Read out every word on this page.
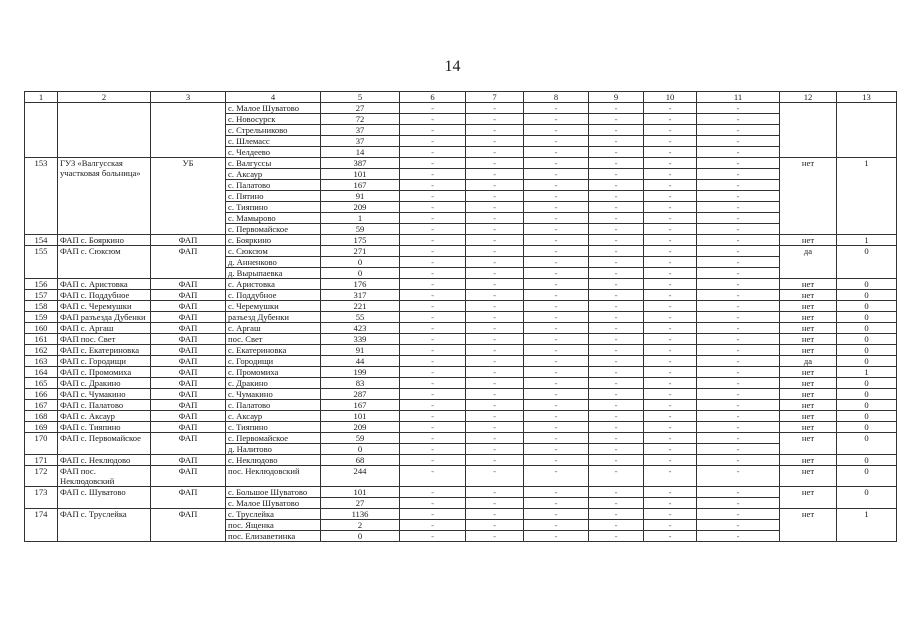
14
1	2	3	4	5	6	7	8	9	10	11	12	13
			с. Малое Шуватово	27	-	-	-	-	-	-		
			с. Новосурск	72	-	-	-	-	-	-		
			с. Стрельниково	37	-	-	-	-	-	-		
			с. Шлемасс	37	-	-	-	-	-	-		
			с. Челдеево	14	-	-	-	-	-	-		
153	ГУЗ «Валгусская участковая больница»	УБ	с. Валгуссы	387	-	-	-	-	-	-	нет	1
			с. Аксаур	101	-	-	-	-	-	-		
			с. Палатово	167	-	-	-	-	-	-		
			с. Пятино	91	-	-	-	-	-	-		
			с. Тияпино	209	-	-	-	-	-	-		
			с. Мамырово	1	-	-	-	-	-	-		
			с. Первомайское	59	-	-	-	-	-	-		
154	ФАП с. Бояркино	ФАП	с. Бояркино	175	-	-	-	-	-	-	нет	1
155	ФАП с. Сюксюм	ФАП	с. Сюксюм	271	-	-	-	-	-	-	да	0
			д. Анненково	0	-	-	-	-	-	-		
			д. Вырыпаевка	0	-	-	-	-	-	-		
156	ФАП с. Аристовка	ФАП	с. Аристовка	176	-	-	-	-	-	-	нет	0
157	ФАП с. Поддубное	ФАП	с. Поддубное	317	-	-	-	-	-	-	нет	0
158	ФАП с. Черемушки	ФАП	с. Черемушки	221	-	-	-	-	-	-	нет	0
159	ФАП разъезда Дубенки	ФАП	разъезд Дубенки	55	-	-	-	-	-	-	нет	0
160	ФАП с. Аргаш	ФАП	с. Аргаш	423	-	-	-	-	-	-	нет	0
161	ФАП пос. Свет	ФАП	пос. Свет	339	-	-	-	-	-	-	нет	0
162	ФАП с. Екатериновка	ФАП	с. Екатериновка	91	-	-	-	-	-	-	нет	0
163	ФАП с. Городищи	ФАП	с. Городищи	44	-	-	-	-	-	-	да	0
164	ФАП с. Промомиха	ФАП	с. Промомиха	199	-	-	-	-	-	-	нет	1
165	ФАП с. Дракино	ФАП	с. Дракино	83	-	-	-	-	-	-	нет	0
166	ФАП с. Чумакино	ФАП	с. Чумакино	287	-	-	-	-	-	-	нет	0
167	ФАП с. Палатово	ФАП	с. Палатово	167	-	-	-	-	-	-	нет	0
168	ФАП с. Аксаур	ФАП	с. Аксаур	101	-	-	-	-	-	-	нет	0
169	ФАП с. Тияпино	ФАП	с. Тияпино	209	-	-	-	-	-	-	нет	0
170	ФАП с. Первомайское	ФАП	с. Первомайское	59	-	-	-	-	-	-	нет	0
			д. Налитово	0	-	-	-	-	-	-		
171	ФАП с. Неклюдово	ФАП	с. Неклюдово	68	-	-	-	-	-	-	нет	0
172	ФАП пос. Неклюдовский	ФАП	пос. Неклюдовский	244	-	-	-	-	-	-	нет	0
173	ФАП с. Шуватово	ФАП	с. Большое Шуватово	101	-	-	-	-	-	-	нет	0
			с. Малое Шуватово	27	-	-	-	-	-	-		
174	ФАП с. Труслейка	ФАП	с. Труслейка	1136	-	-	-	-	-	-	нет	1
			пос. Ященка	2	-	-	-	-	-	-		
			пос. Елизаветинка	0	-	-	-	-	-	-		
